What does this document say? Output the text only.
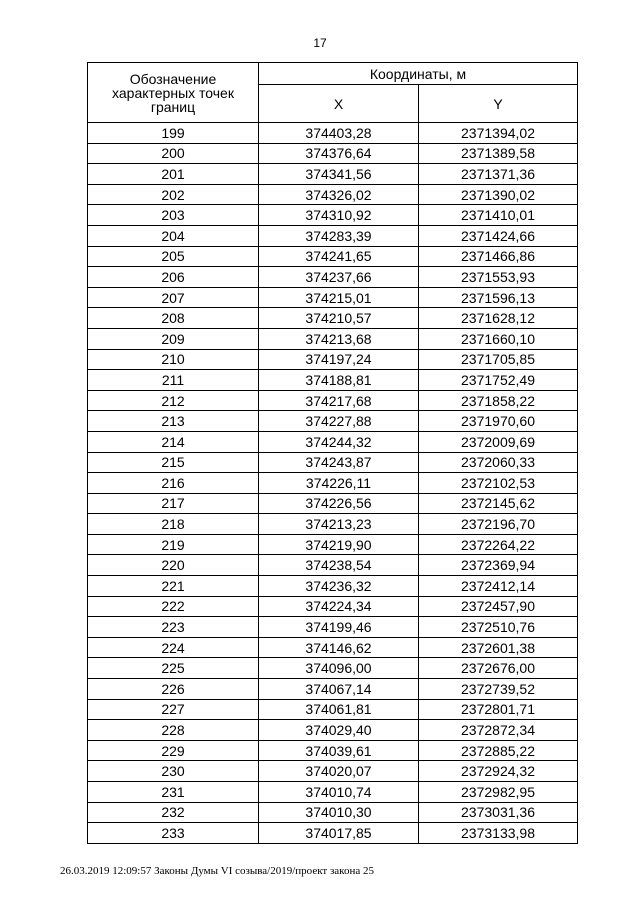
17
Обозначение характерных точек границ	Координаты, м	
	X	Y
199	374403,28	2371394,02
200	374376,64	2371389,58
201	374341,56	2371371,36
202	374326,02	2371390,02
203	374310,92	2371410,01
204	374283,39	2371424,66
205	374241,65	2371466,86
206	374237,66	2371553,93
207	374215,01	2371596,13
208	374210,57	2371628,12
209	374213,68	2371660,10
210	374197,24	2371705,85
211	374188,81	2371752,49
212	374217,68	2371858,22
213	374227,88	2371970,60
214	374244,32	2372009,69
215	374243,87	2372060,33
216	374226,11	2372102,53
217	374226,56	2372145,62
218	374213,23	2372196,70
219	374219,90	2372264,22
220	374238,54	2372369,94
221	374236,32	2372412,14
222	374224,34	2372457,90
223	374199,46	2372510,76
224	374146,62	2372601,38
225	374096,00	2372676,00
226	374067,14	2372739,52
227	374061,81	2372801,71
228	374029,40	2372872,34
229	374039,61	2372885,22
230	374020,07	2372924,32
231	374010,74	2372982,95
232	374010,30	2373031,36
233	374017,85	2373133,98
26.03.2019 12:09:57 Законы Думы VI созыва/2019/проект закона 25
